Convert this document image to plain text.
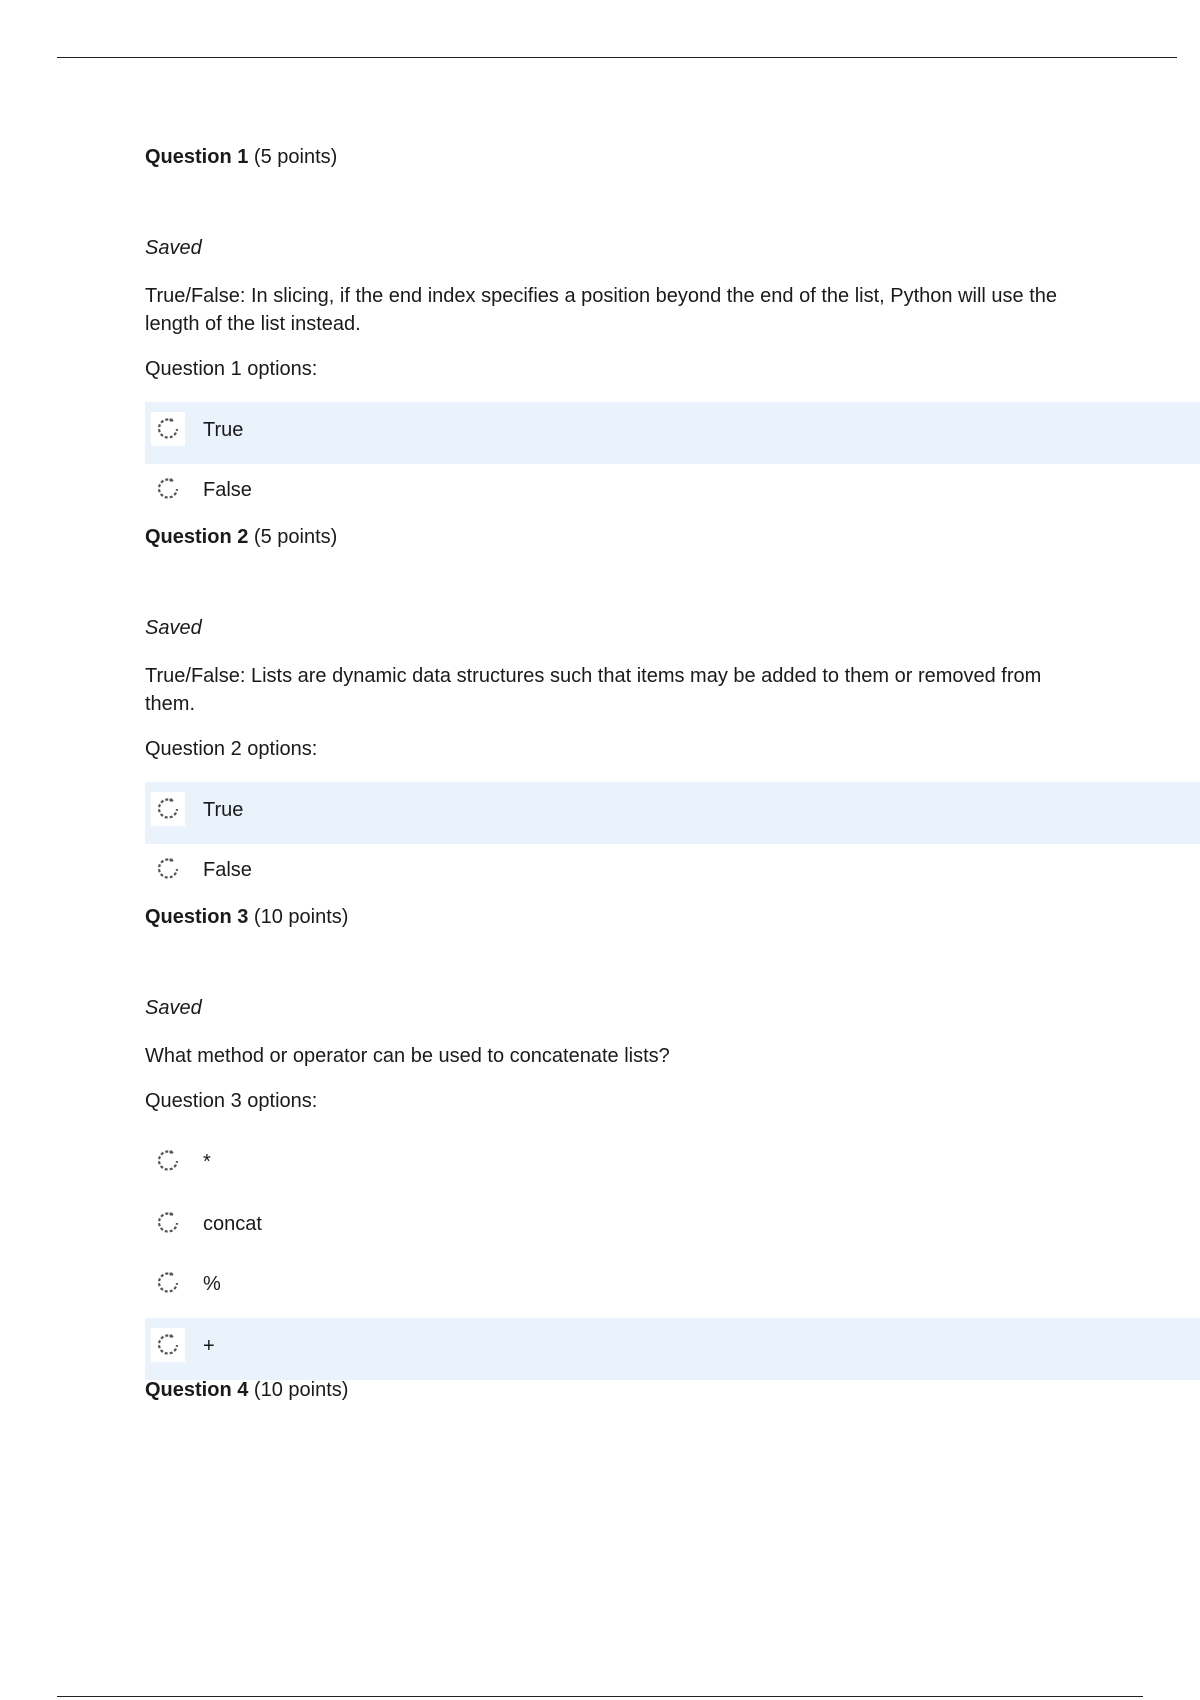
Question 1 (5 points)
Saved
True/False: In slicing, if the end index specifies a position beyond the end of the list, Python will use the length of the list instead.
Question 1 options:
True
False
Question 2 (5 points)
Saved
True/False: Lists are dynamic data structures such that items may be added to them or removed from them.
Question 2 options:
True
False
Question 3 (10 points)
Saved
What method or operator can be used to concatenate lists?
Question 3 options:
*
concat
%
+
Question 4 (10 points)
